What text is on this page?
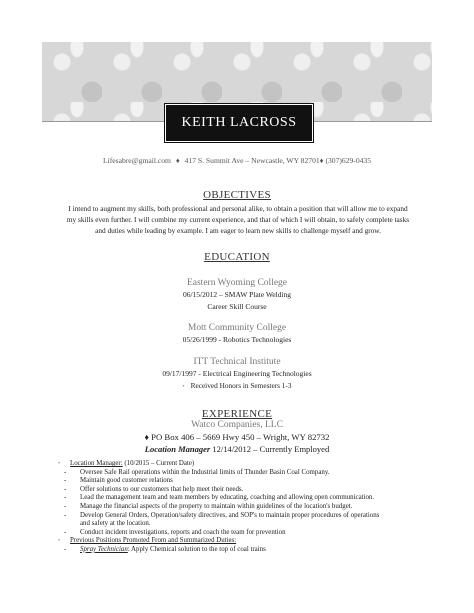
KEITH LACROSS
Lifesabre@gmail.com ♦ 417 S. Summit Ave – Newcastle, WY 82701♦ (307)629-0435
OBJECTIVES
I intend to augment my skills, both professional and personal alike, to obtain a position that will allow me to expand
my skills even further. I will combine my current experience, and that of which I will obtain, to safely complete tasks
and duties while leading by example. I am eager to learn new skills to challenge myself and grow.
EDUCATION
Eastern Wyoming College
06/15/2012 – SMAW Plate Welding
Career Skill Course
Mott Community College
05/26/1999 - Robotics Technologies
ITT Technical Institute
09/17/1997 - Electrical Engineering Technologies
• Received Honors in Semesters 1-3
EXPERIENCE
Watco Companies, LLC
♦ PO Box 406 – 5669 Hwy 450 – Wright, WY 82732
Location Manager 12/14/2012 – Currently Employed
• Location Manager: (10/2015 – Current Date)
- Oversee Safe Rail operations within the Industrial limits of Thunder Basin Coal Company.
- Maintain good customer relations
- Offer solutions to our customers that help meet their needs.
- Lead the management team and team members by educating, coaching and allowing open communication.
- Manage the financial aspects of the property to maintain within guidelines of the location's budget.
- Develop General Orders, Operation/safety directives, and SOP's to maintain proper procedures of operations
and safety at the location.
- Conduct incident investigations, reports and coach the team for prevention
• Previous Positions Promoted From and Summarized Duties:
- Spray Technician: Apply Chemical solution to the top of coal trains
